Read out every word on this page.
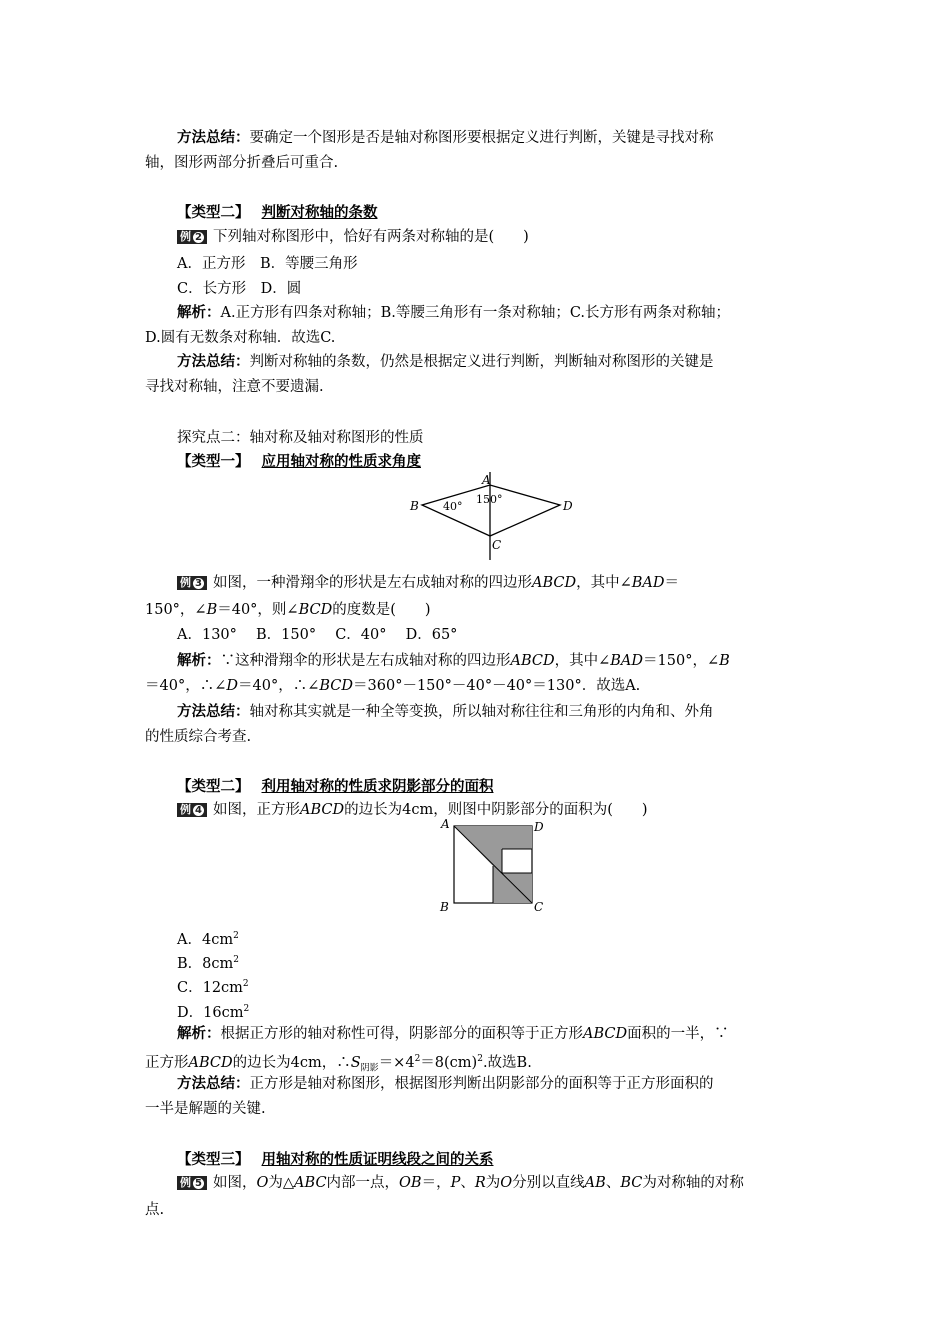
方法总结：要确定一个图形是否是轴对称图形要根据定义进行判断，关键是寻找对称
轴，图形两部分折叠后可重合.
【类型二】 判断对称轴的条数
例 2 下列轴对称图形中，恰好有两条对称轴的是(　　)
A．正方形　B．等腰三角形
C．长方形　D．圆
解析：A.正方形有四条对称轴；B.等腰三角形有一条对称轴；C.长方形有两条对称轴；
D.圆有无数条对称轴．故选C.
方法总结：判断对称轴的条数，仍然是根据定义进行判断，判断轴对称图形的关键是
寻找对称轴，注意不要遗漏.
探究点二：轴对称及轴对称图形的性质
【类型一】 应用轴对称的性质求角度
A
B
C
D
150°
40°
例 3 如图，一种滑翔伞的形状是左右成轴对称的四边形ABCD，其中∠BAD＝
150°，∠B＝40°，则∠BCD的度数是(　　)
A．130°　 B．150°　 C．40°　 D．65°
解析：∵这种滑翔伞的形状是左右成轴对称的四边形ABCD，其中∠BAD＝150°，∠B
＝40°，∴∠D＝40°，∴∠BCD＝360°－150°－40°－40°＝130°．故选A.
方法总结：轴对称其实就是一种全等变换，所以轴对称往往和三角形的内角和、外角
的性质综合考查.
【类型二】 利用轴对称的性质求阴影部分的面积
例 4 如图，正方形ABCD的边长为4cm，则图中阴影部分的面积为(　　)
A
B	C
D
A．$4cm^2$
B．$8cm^2$
C．$12cm^2$
D．$16cm^2$
解析：根据正方形的轴对称性可得，阴影部分的面积等于正方形ABCD面积的一半，∵
正方形ABCD的边长为4cm，$\therefore S_{阴影}=\times 4^2=8(cm)^2$.故选B.
方法总结：正方形是轴对称图形，根据图形判断出阴影部分的面积等于正方形面积的
一半是解题的关键.
【类型三】 用轴对称的性质证明线段之间的关系
例 5 如图，O为△ABC内部一点，OB＝，P、R为O分别以直线AB、BC为对称轴的对称
点.
